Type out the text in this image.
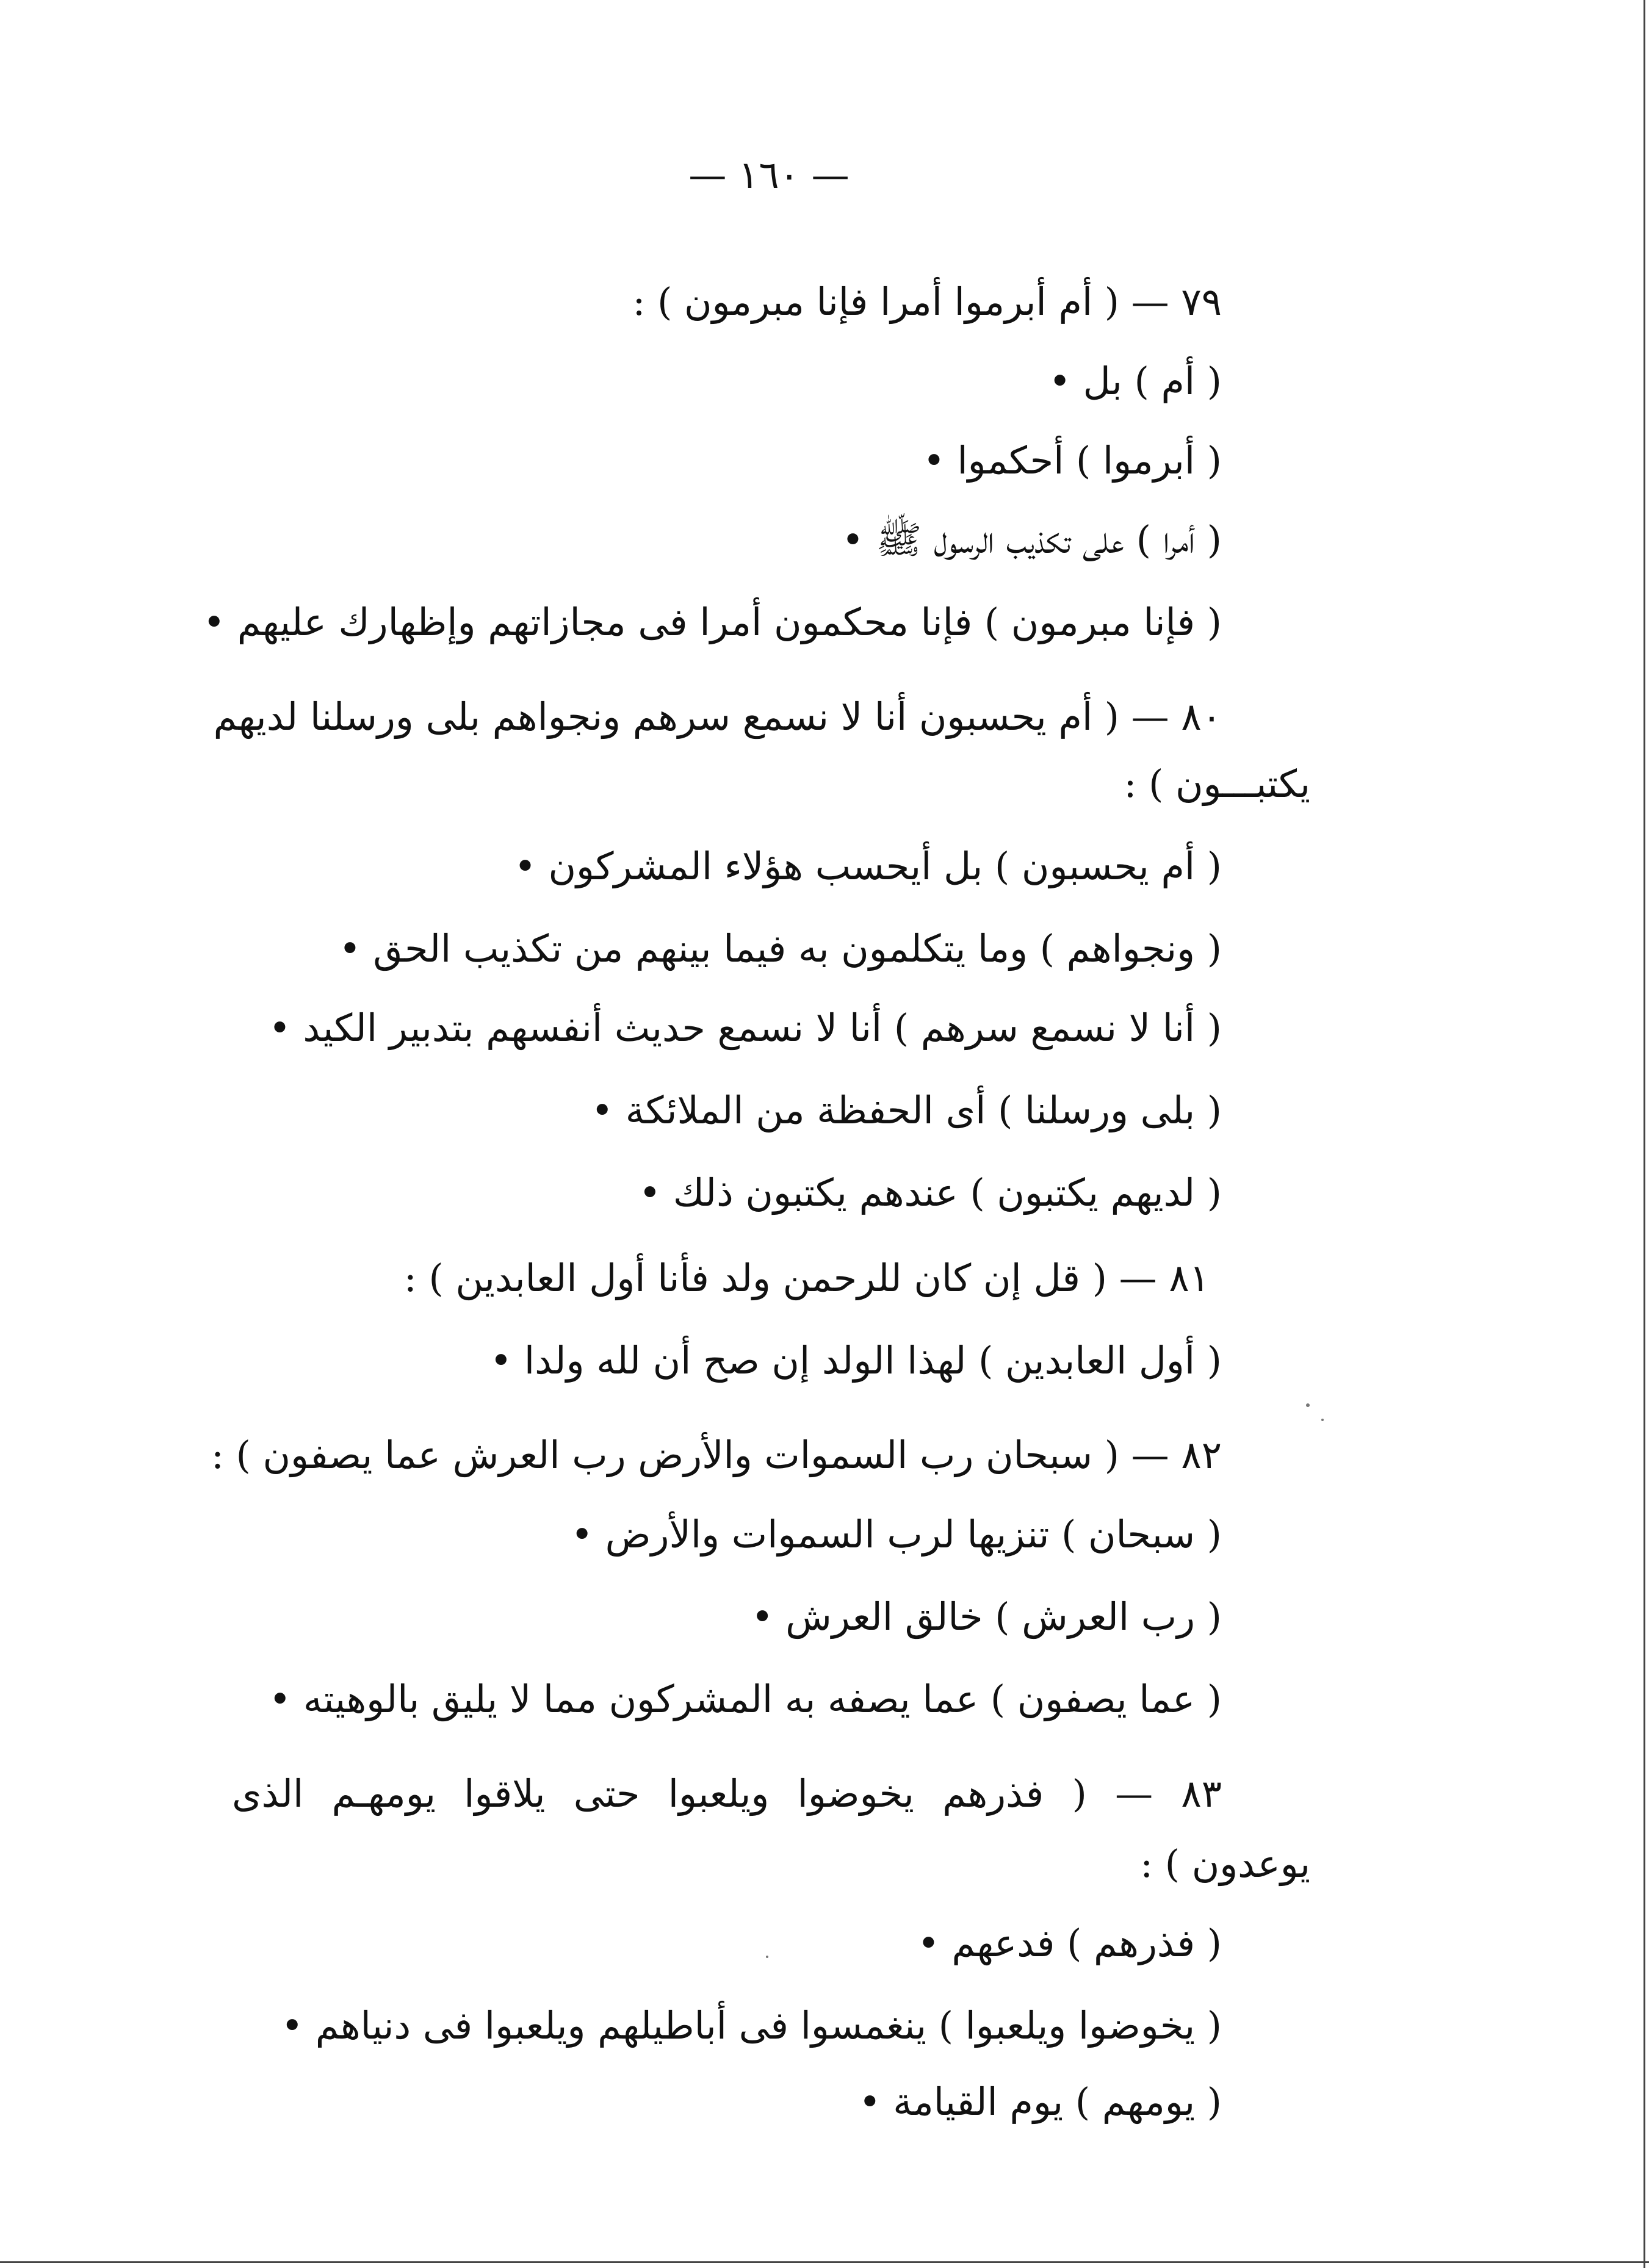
— ١٦٠ —
٧٩ — ( أم أبرموا أمرا فإنا مبرمون ) :
( أم ) بل •
( أبرموا ) أحكموا •
( أمرا ) على تكذيب الرسول ﷺ •
( فإنا مبرمون ) فإنا محكمون أمرا فى مجازاتهم وإظهارك عليهم •
٨٠ — ( أم يحسبون أنا لا نسمع سرهم ونجواهم بلى ورسلنا لديهم
يكتبـــون ) :
( أم يحسبون ) بل أيحسب هؤلاء المشركون •
( ونجواهم ) وما يتكلمون به فيما بينهم من تكذيب الحق •
( أنا لا نسمع سرهم ) أنا لا نسمع حديث أنفسهم بتدبير الكيد •
( بلى ورسلنا ) أى الحفظة من الملائكة •
( لديهم يكتبون ) عندهم يكتبون ذلك •
٨١ — ( قل إن كان للرحمن ولد فأنا أول العابدين ) :
( أول العابدين ) لهذا الولد إن صح أن لله ولدا •
٨٢ — ( سبحان رب السموات والأرض رب العرش عما يصفون ) :
( سبحان ) تنزيها لرب السموات والأرض •
( رب العرش ) خالق العرش •
( عما يصفون ) عما يصفه به المشركون مما لا يليق بالوهيته •
٨٣ — ( فذرهم يخوضوا ويلعبوا حتى يلاقوا يومهـم الذى
يوعدون ) :
( فذرهم ) فدعهم •
( يخوضوا ويلعبوا ) ينغمسوا فى أباطيلهم ويلعبوا فى دنياهم •
( يومهم ) يوم القيامة •
